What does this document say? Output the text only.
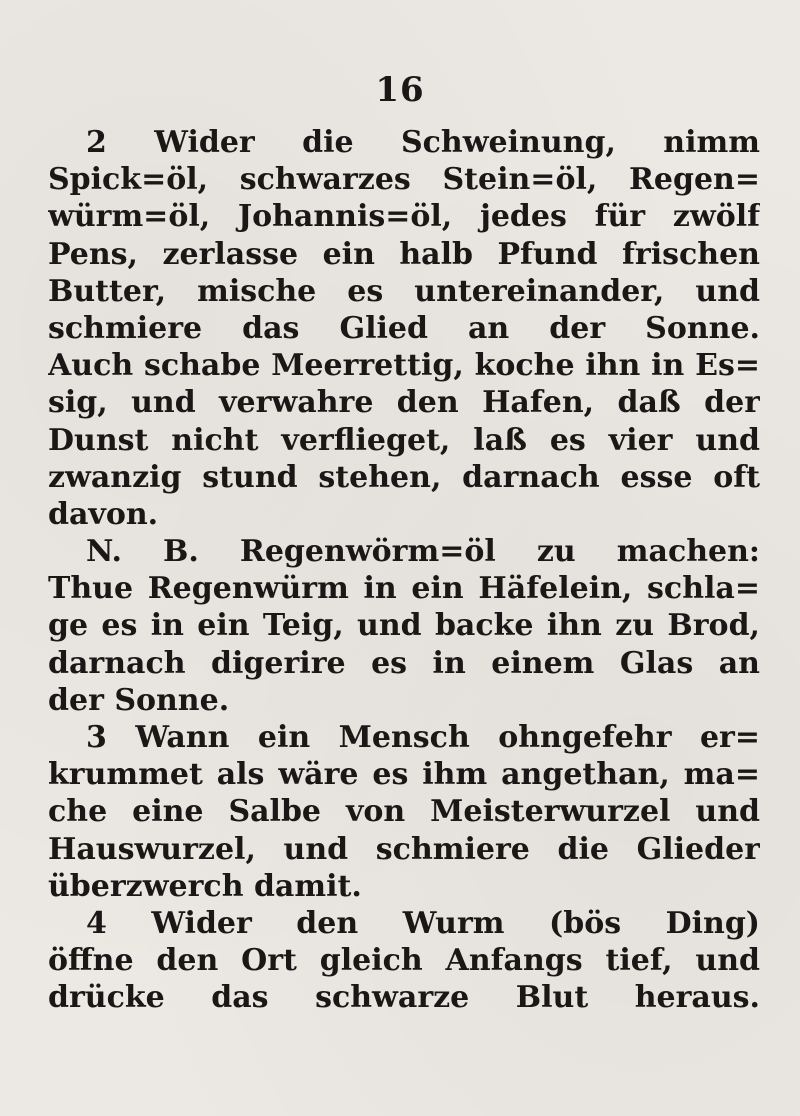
16
2 Wider die Schweinung, nimm
Spick=öl, schwarzes Stein=öl, Regen=
würm=öl, Johannis=öl, jedes für zwölf
Pens, zerlasse ein halb Pfund frischen
Butter, mische es untereinander, und
schmiere das Glied an der Sonne.
Auch schabe Meerrettig, koche ihn in Es=
sig, und verwahre den Hafen, daß der
Dunst nicht verflieget, laß es vier und
zwanzig stund stehen, darnach esse oft
davon.
N. B. Regenwörm=öl zu machen:
Thue Regenwürm in ein Häfelein, schla=
ge es in ein Teig, und backe ihn zu Brod,
darnach digerire es in einem Glas an
der Sonne.
3 Wann ein Mensch ohngefehr er=
krummet als wäre es ihm angethan, ma=
che eine Salbe von Meisterwurzel und
Hauswurzel, und schmiere die Glieder
überzwerch damit.
4 Wider den Wurm (bös Ding)
öffne den Ort gleich Anfangs tief, und
drücke das schwarze Blut heraus.
